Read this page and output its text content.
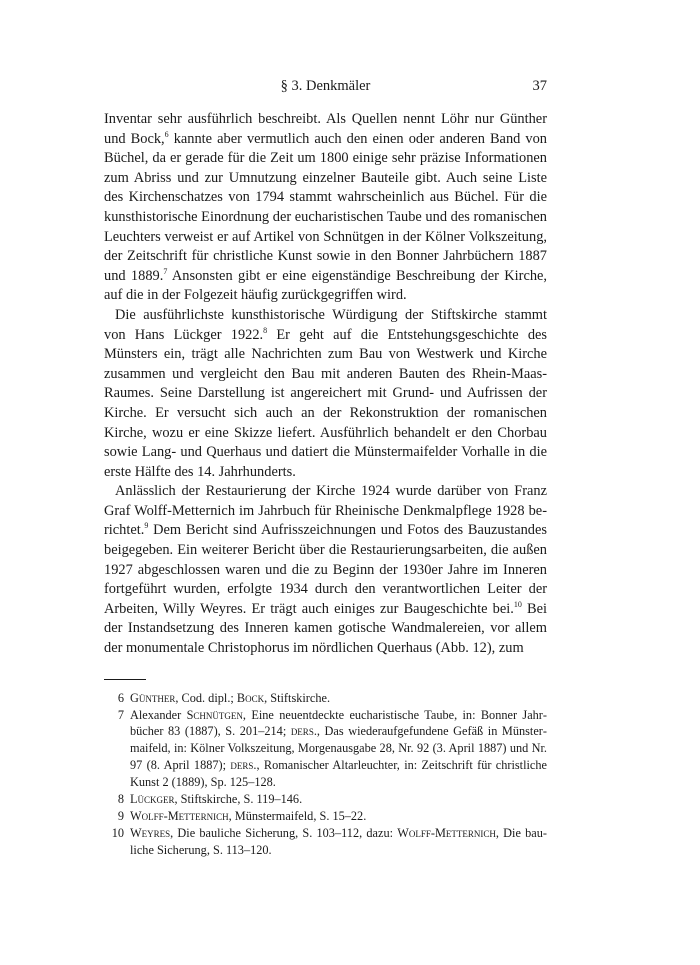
§ 3. Denkmäler	37

Inventar sehr ausführlich beschreibt. Als Quellen nennt Löhr nur Günther und Bock,$^6$ kannte aber vermutlich auch den einen oder anderen Band von Büchel, da er gerade für die Zeit um 1800 einige sehr präzise Informationen zum Abriss und zur Umnutzung einzelner Bauteile gibt. Auch seine Liste des Kirchenschatzes von 1794 stammt wahrscheinlich aus Büchel. Für die kunsthistorische Einordnung der eucharistischen Taube und des romanischen Leuchters verweist er auf Artikel von Schnütgen in der Kölner Volkszeitung, der Zeitschrift für christliche Kunst sowie in den Bonner Jahrbüchern 1887 und 1889.$^7$ Ansonsten gibt er eine eigenständige Beschreibung der Kirche, auf die in der Folgezeit häufig zurückgegriffen wird.

Die ausführlichste kunsthistorische Würdigung der Stiftskirche stammt von Hans Lückger 1922.$^8$ Er geht auf die Entstehungsgeschichte des Münsters ein, trägt alle Nachrichten zum Bau von Westwerk und Kirche zusammen und vergleicht den Bau mit anderen Bauten des Rhein-Maas-Raumes. Seine Darstellung ist angereichert mit Grund- und Aufrissen der Kirche. Er versucht sich auch an der Rekonstruktion der romanischen Kirche, wozu er eine Skizze liefert. Ausführlich behandelt er den Chorbau sowie Lang- und Querhaus und datiert die Münstermaifelder Vorhalle in die erste Hälfte des 14. Jahrhunderts.

Anlässlich der Restaurierung der Kirche 1924 wurde darüber von Franz Graf Wolff-Metternich im Jahrbuch für Rheinische Denkmalpflege 1928 berichtet.$^9$ Dem Bericht sind Aufrisszeichnungen und Fotos des Bauzustandes beigegeben. Ein weiterer Bericht über die Restaurierungsarbeiten, die außen 1927 abgeschlossen waren und die zu Beginn der 1930er Jahre im Inneren fortgeführt wurden, erfolgte 1934 durch den verantwortlichen Leiter der Arbeiten, Willy Weyres. Er trägt auch einiges zur Baugeschichte bei.$^{10}$ Bei der Instandsetzung des Inneren kamen gotische Wandmalereien, vor allem der monumentale Christophorus im nördlichen Querhaus (Abb. 12), zum

6 Günther, Cod. dipl.; Bock, Stiftskirche.
7 Alexander Schnütgen, Eine neuentdeckte eucharistische Taube, in: Bonner Jahrbücher 83 (1887), S. 201–214; ders., Das wiederaufgefundene Gefäß in Münstermaifeld, in: Kölner Volkszeitung, Morgenausgabe 28, Nr. 92 (3. April 1887) und Nr. 97 (8. April 1887); ders., Romanischer Altarleuchter, in: Zeitschrift für christliche Kunst 2 (1889), Sp. 125–128.
8 Lückger, Stiftskirche, S. 119–146.
9 Wolff-Metternich, Münstermaifeld, S. 15–22.
10 Weyres, Die bauliche Sicherung, S. 103–112, dazu: Wolff-Metternich, Die bauliche Sicherung, S. 113–120.
